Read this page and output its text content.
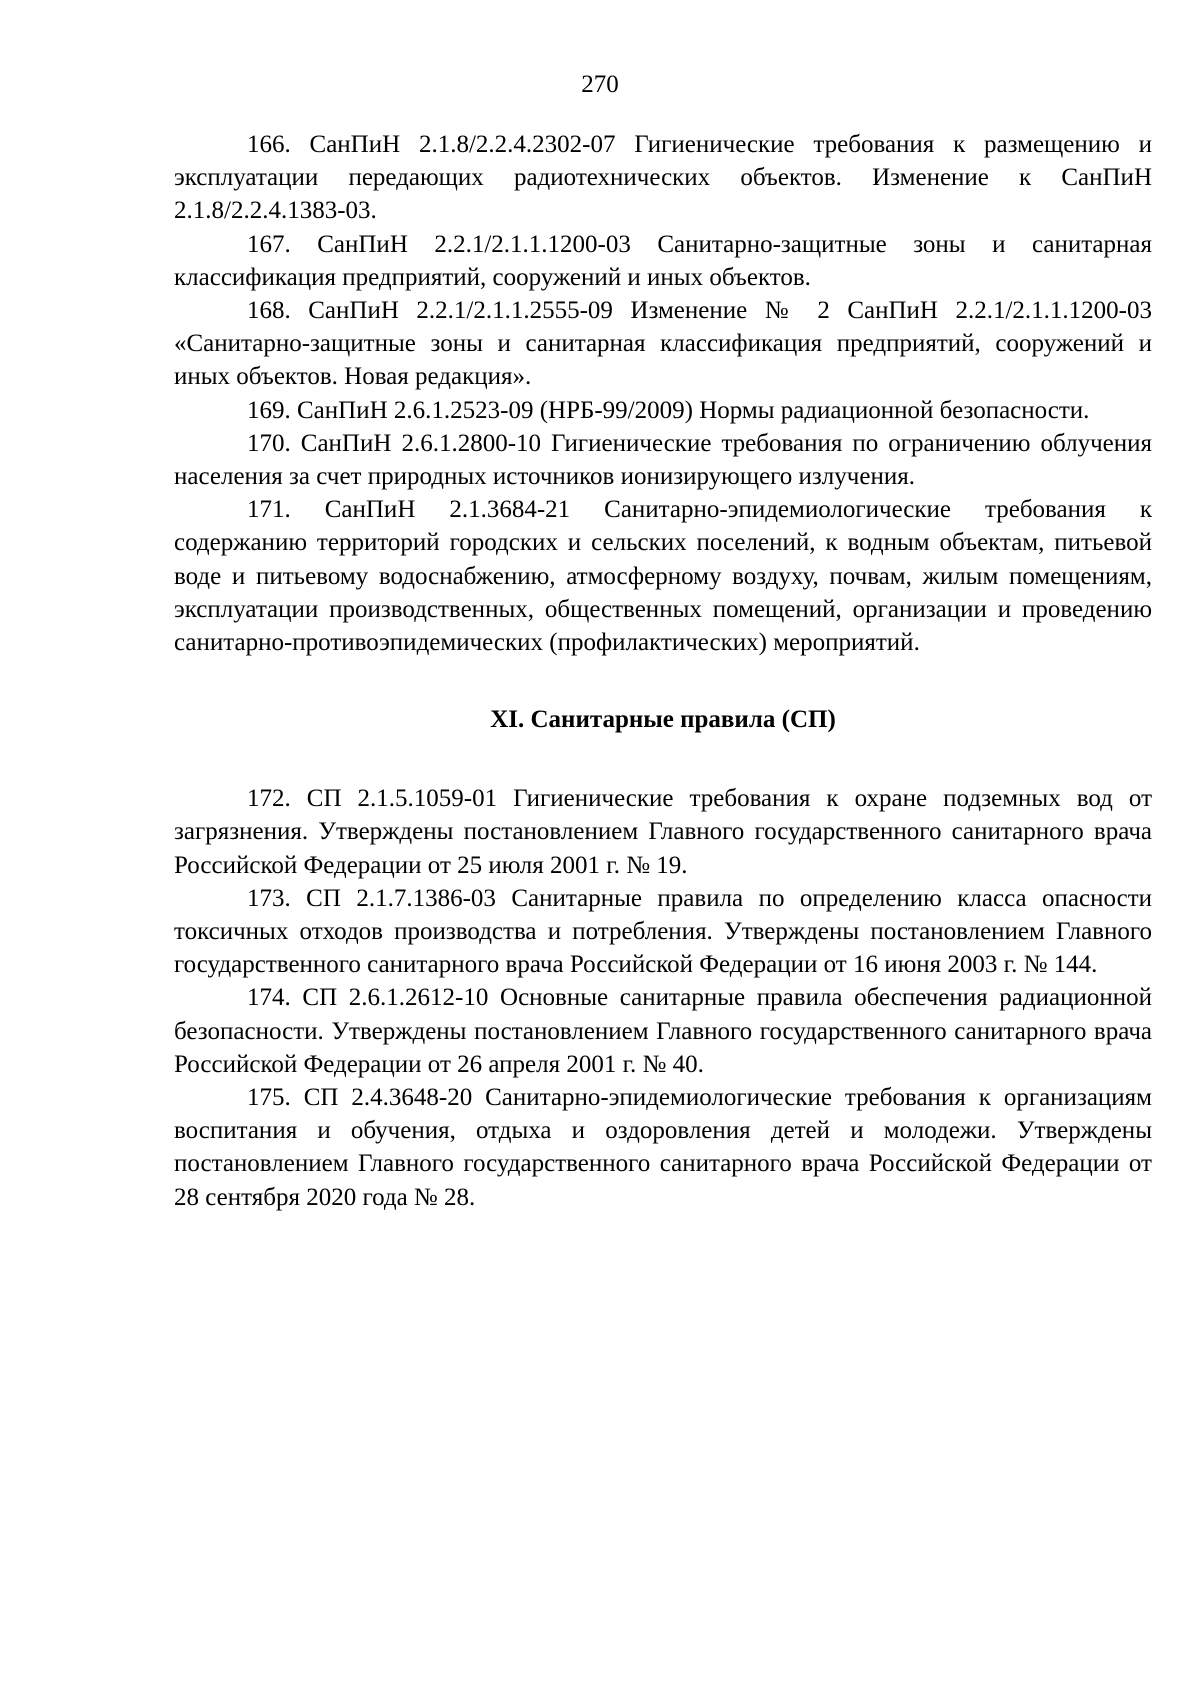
270

166. СанПиН 2.1.8/2.2.4.2302-07 Гигиенические требования к размещению и эксплуатации передающих радиотехнических объектов. Изменение к СанПиН 2.1.8/2.2.4.1383-03.

167. СанПиН 2.2.1/2.1.1.1200-03 Санитарно-защитные зоны и санитарная классификация предприятий, сооружений и иных объектов.

168. СанПиН 2.2.1/2.1.1.2555-09 Изменение № 2 СанПиН 2.2.1/2.1.1.1200-03 «Санитарно-защитные зоны и санитарная классификация предприятий, сооружений и иных объектов. Новая редакция».

169. СанПиН 2.6.1.2523-09 (НРБ-99/2009) Нормы радиационной безопасности.

170. СанПиН 2.6.1.2800-10 Гигиенические требования по ограничению облучения населения за счет природных источников ионизирующего излучения.

171. СанПиН 2.1.3684-21 Санитарно-эпидемиологические требования к содержанию территорий городских и сельских поселений, к водным объектам, питьевой воде и питьевому водоснабжению, атмосферному воздуху, почвам, жилым помещениям, эксплуатации производственных, общественных помещений, организации и проведению санитарно-противоэпидемических (профилактических) мероприятий.

XI. Санитарные правила (СП)

172. СП 2.1.5.1059-01 Гигиенические требования к охране подземных вод от загрязнения. Утверждены постановлением Главного государственного санитарного врача Российской Федерации от 25 июля 2001 г. № 19.

173. СП 2.1.7.1386-03 Санитарные правила по определению класса опасности токсичных отходов производства и потребления. Утверждены постановлением Главного государственного санитарного врача Российской Федерации от 16 июня 2003 г. № 144.

174. СП 2.6.1.2612-10 Основные санитарные правила обеспечения радиационной безопасности. Утверждены постановлением Главного государственного санитарного врача Российской Федерации от 26 апреля 2001 г. № 40.

175. СП 2.4.3648-20 Санитарно-эпидемиологические требования к организациям воспитания и обучения, отдыха и оздоровления детей и молодежи. Утверждены постановлением Главного государственного санитарного врача Российской Федерации от 28 сентября 2020 года № 28.
